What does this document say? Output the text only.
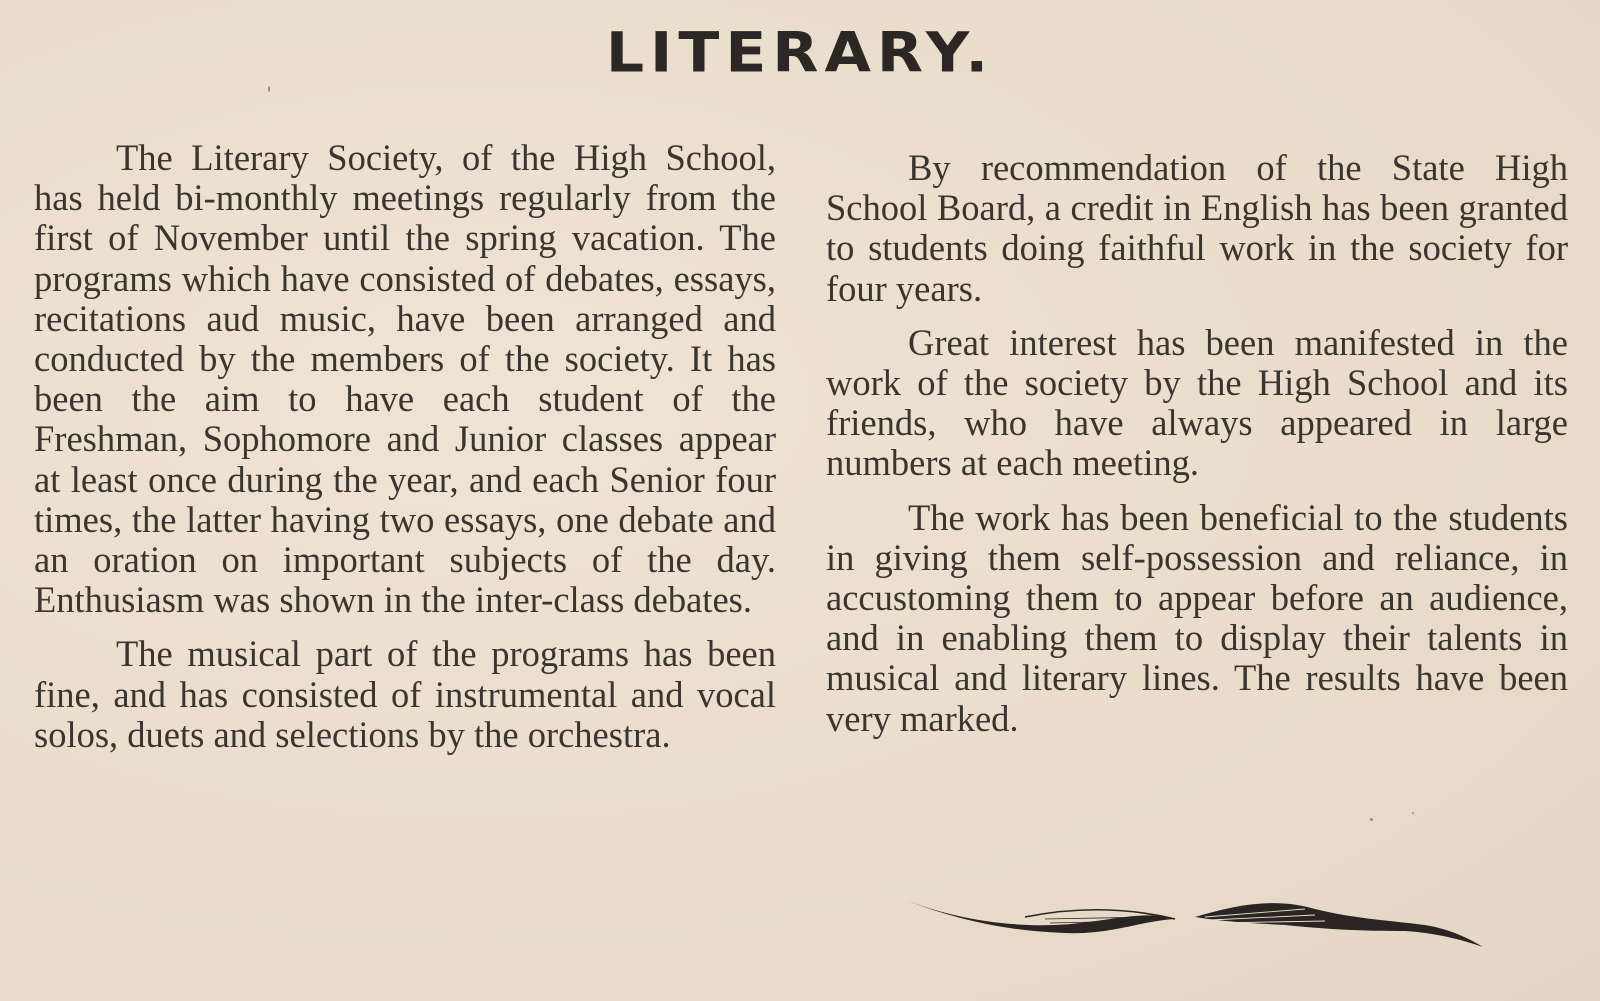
LITERARY.

The Literary Society, of the High School, has held bi-monthly meetings regularly from the first of November until the spring vacation. The programs which have consisted of debates, essays, recitations aud music, have been arranged and conducted by the members of the society. It has been the aim to have each student of the Freshman, Sophomore and Junior classes appear at least once during the year, and each Senior four times, the latter having two essays, one debate and an oration on important subjects of the day. Enthusiasm was shown in the inter-class debates.

The musical part of the programs has been fine, and has consisted of instrumental and vocal solos, duets and selections by the orchestra.

By recommendation of the State High School Board, a credit in English has been granted to students doing faithful work in the society for four years.

Great interest has been manifested in the work of the society by the High School and its friends, who have always appeared in large numbers at each meeting.

The work has been beneficial to the students in giving them self-possession and reliance, in accustoming them to appear before an audience, and in enabling them to display their talents in musical and literary lines. The results have been very marked.
